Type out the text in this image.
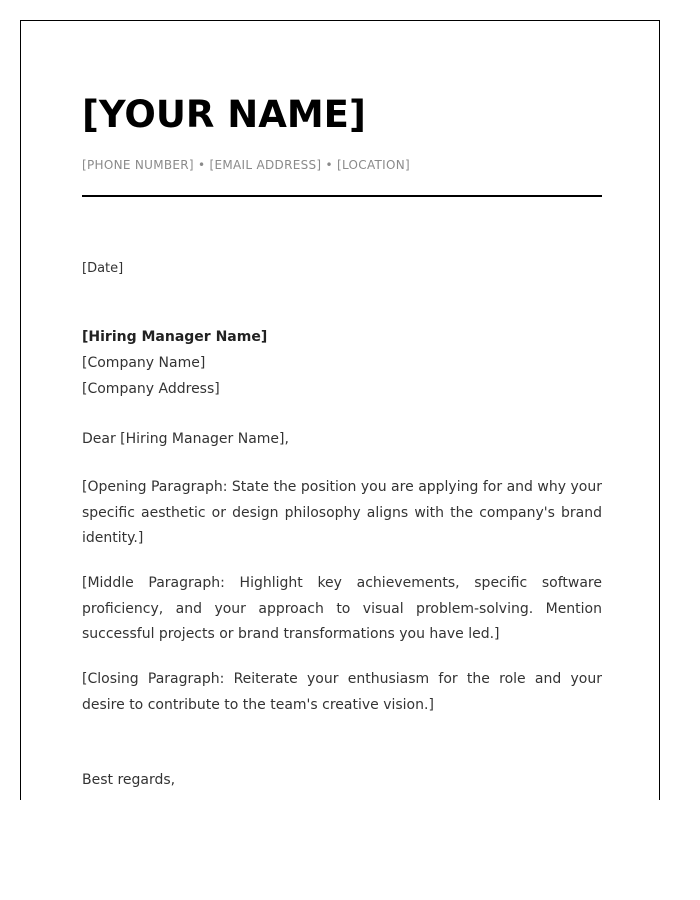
[YOUR NAME]
[PHONE NUMBER] • [EMAIL ADDRESS] • [LOCATION]
[Date]
[Hiring Manager Name]
[Company Name]
[Company Address]
Dear [Hiring Manager Name],

[Opening Paragraph: State the position you are applying for and why your specific aesthetic or design philosophy aligns with the company's brand identity.]

[Middle Paragraph: Highlight key achievements, specific software proficiency, and your approach to visual problem-solving. Mention successful projects or brand transformations you have led.]

[Closing Paragraph: Reiterate your enthusiasm for the role and your desire to contribute to the team's creative vision.]

Best regards,
